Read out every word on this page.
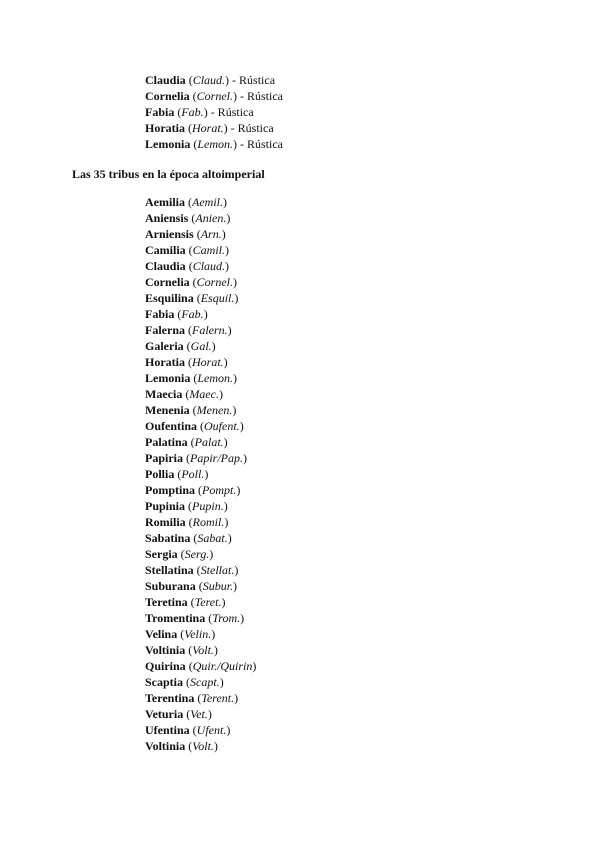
Claudia (Claud.) - Rústica
Cornelia (Cornel.) - Rústica
Fabia (Fab.) - Rústica
Horatia (Horat.) - Rústica
Lemonia (Lemon.) - Rústica
Las 35 tribus en la época altoimperial
Aemilia (Aemil.)
Aniensis (Anien.)
Arniensis (Arn.)
Camilia (Camil.)
Claudia (Claud.)
Cornelia (Cornel.)
Esquilina (Esquil.)
Fabia (Fab.)
Falerna (Falern.)
Galeria (Gal.)
Horatia (Horat.)
Lemonia (Lemon.)
Maecia (Maec.)
Menenia (Menen.)
Oufentina (Oufent.)
Palatina (Palat.)
Papiria (Papir/Pap.)
Pollia (Poll.)
Pomptina (Pompt.)
Pupinia (Pupin.)
Romilia (Romil.)
Sabatina (Sabat.)
Sergia (Serg.)
Stellatina (Stellat.)
Suburana (Subur.)
Teretina (Teret.)
Tromentina (Trom.)
Velina (Velin.)
Voltinia (Volt.)
Quirina (Quir./Quirin)
Scaptia (Scapt.)
Terentina (Terent.)
Veturia (Vet.)
Ufentina (Ufent.)
Voltinia (Volt.)
